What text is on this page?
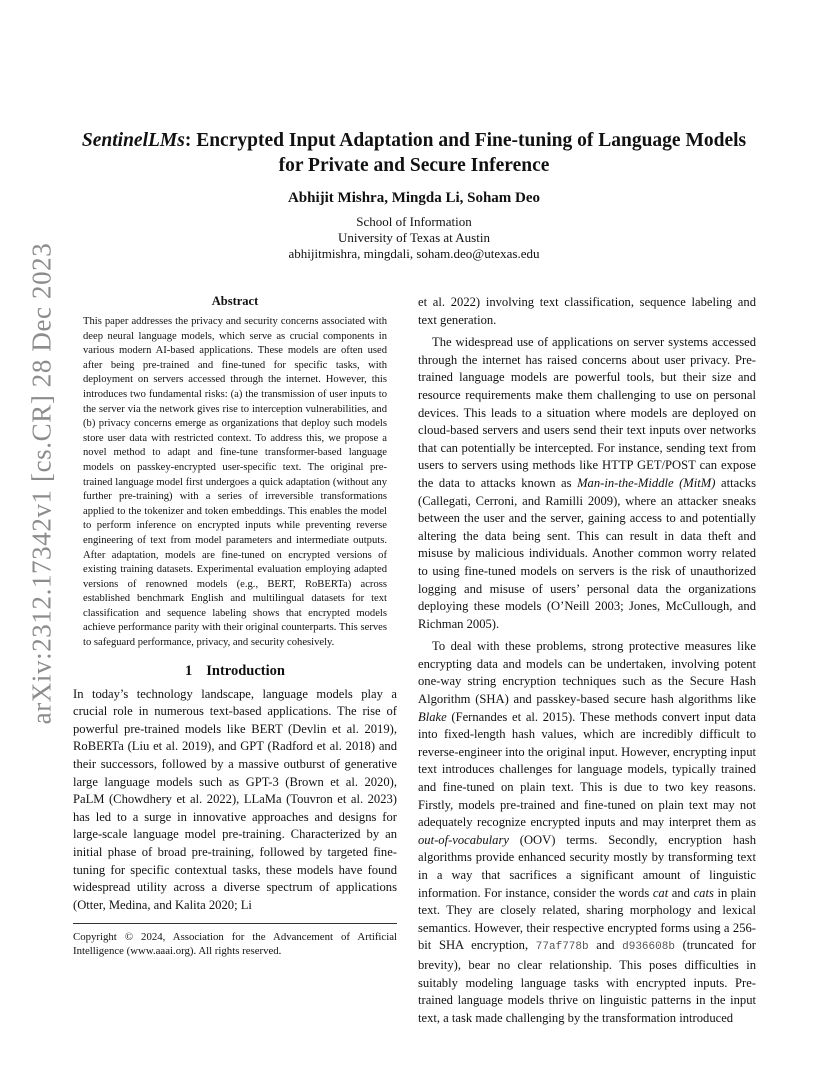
arXiv:2312.17342v1 [cs.CR] 28 Dec 2023
SentinelLMs: Encrypted Input Adaptation and Fine-tuning of Language Models for Private and Secure Inference
Abhijit Mishra, Mingda Li, Soham Deo
School of Information
University of Texas at Austin
abhijitmishra, mingdali, soham.deo@utexas.edu
Abstract

This paper addresses the privacy and security concerns associated with deep neural language models, which serve as crucial components in various modern AI-based applications. These models are often used after being pre-trained and fine-tuned for specific tasks, with deployment on servers accessed through the internet. However, this introduces two fundamental risks: (a) the transmission of user inputs to the server via the network gives rise to interception vulnerabilities, and (b) privacy concerns emerge as organizations that deploy such models store user data with restricted context. To address this, we propose a novel method to adapt and fine-tune transformer-based language models on passkey-encrypted user-specific text. The original pre-trained language model first undergoes a quick adaptation (without any further pre-training) with a series of irreversible transformations applied to the tokenizer and token embeddings. This enables the model to perform inference on encrypted inputs while preventing reverse engineering of text from model parameters and intermediate outputs. After adaptation, models are fine-tuned on encrypted versions of existing training datasets. Experimental evaluation employing adapted versions of renowned models (e.g., BERT, RoBERTa) across established benchmark English and multilingual datasets for text classification and sequence labeling shows that encrypted models achieve performance parity with their original counterparts. This serves to safeguard performance, privacy, and security cohesively.

1 Introduction

In today’s technology landscape, language models play a crucial role in numerous text-based applications. The rise of powerful pre-trained models like BERT (Devlin et al. 2019), RoBERTa (Liu et al. 2019), and GPT (Radford et al. 2018) and their successors, followed by a massive outburst of generative large language models such as GPT-3 (Brown et al. 2020), PaLM (Chowdhery et al. 2022), LLaMa (Touvron et al. 2023) has led to a surge in innovative approaches and designs for large-scale language model pre-training. Characterized by an initial phase of broad pre-training, followed by targeted fine-tuning for specific contextual tasks, these models have found widespread utility across a diverse spectrum of applications (Otter, Medina, and Kalita 2020; Li

et al. 2022) involving text classification, sequence labeling and text generation.

The widespread use of applications on server systems accessed through the internet has raised concerns about user privacy. Pre-trained language models are powerful tools, but their size and resource requirements make them challenging to use on personal devices. This leads to a situation where models are deployed on cloud-based servers and users send their text inputs over networks that can potentially be intercepted. For instance, sending text from users to servers using methods like HTTP GET/POST can expose the data to attacks known as Man-in-the-Middle (MitM) attacks (Callegati, Cerroni, and Ramilli 2009), where an attacker sneaks between the user and the server, gaining access to and potentially altering the data being sent. This can result in data theft and misuse by malicious individuals. Another common worry related to using fine-tuned models on servers is the risk of unauthorized logging and misuse of users’ personal data the organizations deploying these models (O’Neill 2003; Jones, McCullough, and Richman 2005).

To deal with these problems, strong protective measures like encrypting data and models can be undertaken, involving potent one-way string encryption techniques such as the Secure Hash Algorithm (SHA) and passkey-based secure hash algorithms like Blake (Fernandes et al. 2015). These methods convert input data into fixed-length hash values, which are incredibly difficult to reverse-engineer into the original input. However, encrypting input text introduces challenges for language models, typically trained and fine-tuned on plain text. This is due to two key reasons. Firstly, models pre-trained and fine-tuned on plain text may not adequately recognize encrypted inputs and may interpret them as out-of-vocabulary (OOV) terms. Secondly, encryption hash algorithms provide enhanced security mostly by transforming text in a way that sacrifices a significant amount of linguistic information. For instance, consider the words cat and cats in plain text. They are closely related, sharing morphology and lexical semantics. However, their respective encrypted forms using a 256-bit SHA encryption, 77af778b and d936608b (truncated for brevity), bear no clear relationship. This poses difficulties in suitably modeling language tasks with encrypted inputs. Pre-trained language models thrive on linguistic patterns in the input text, a task made challenging by the transformation introduced

Copyright © 2024, Association for the Advancement of Artificial Intelligence (www.aaai.org). All rights reserved.
